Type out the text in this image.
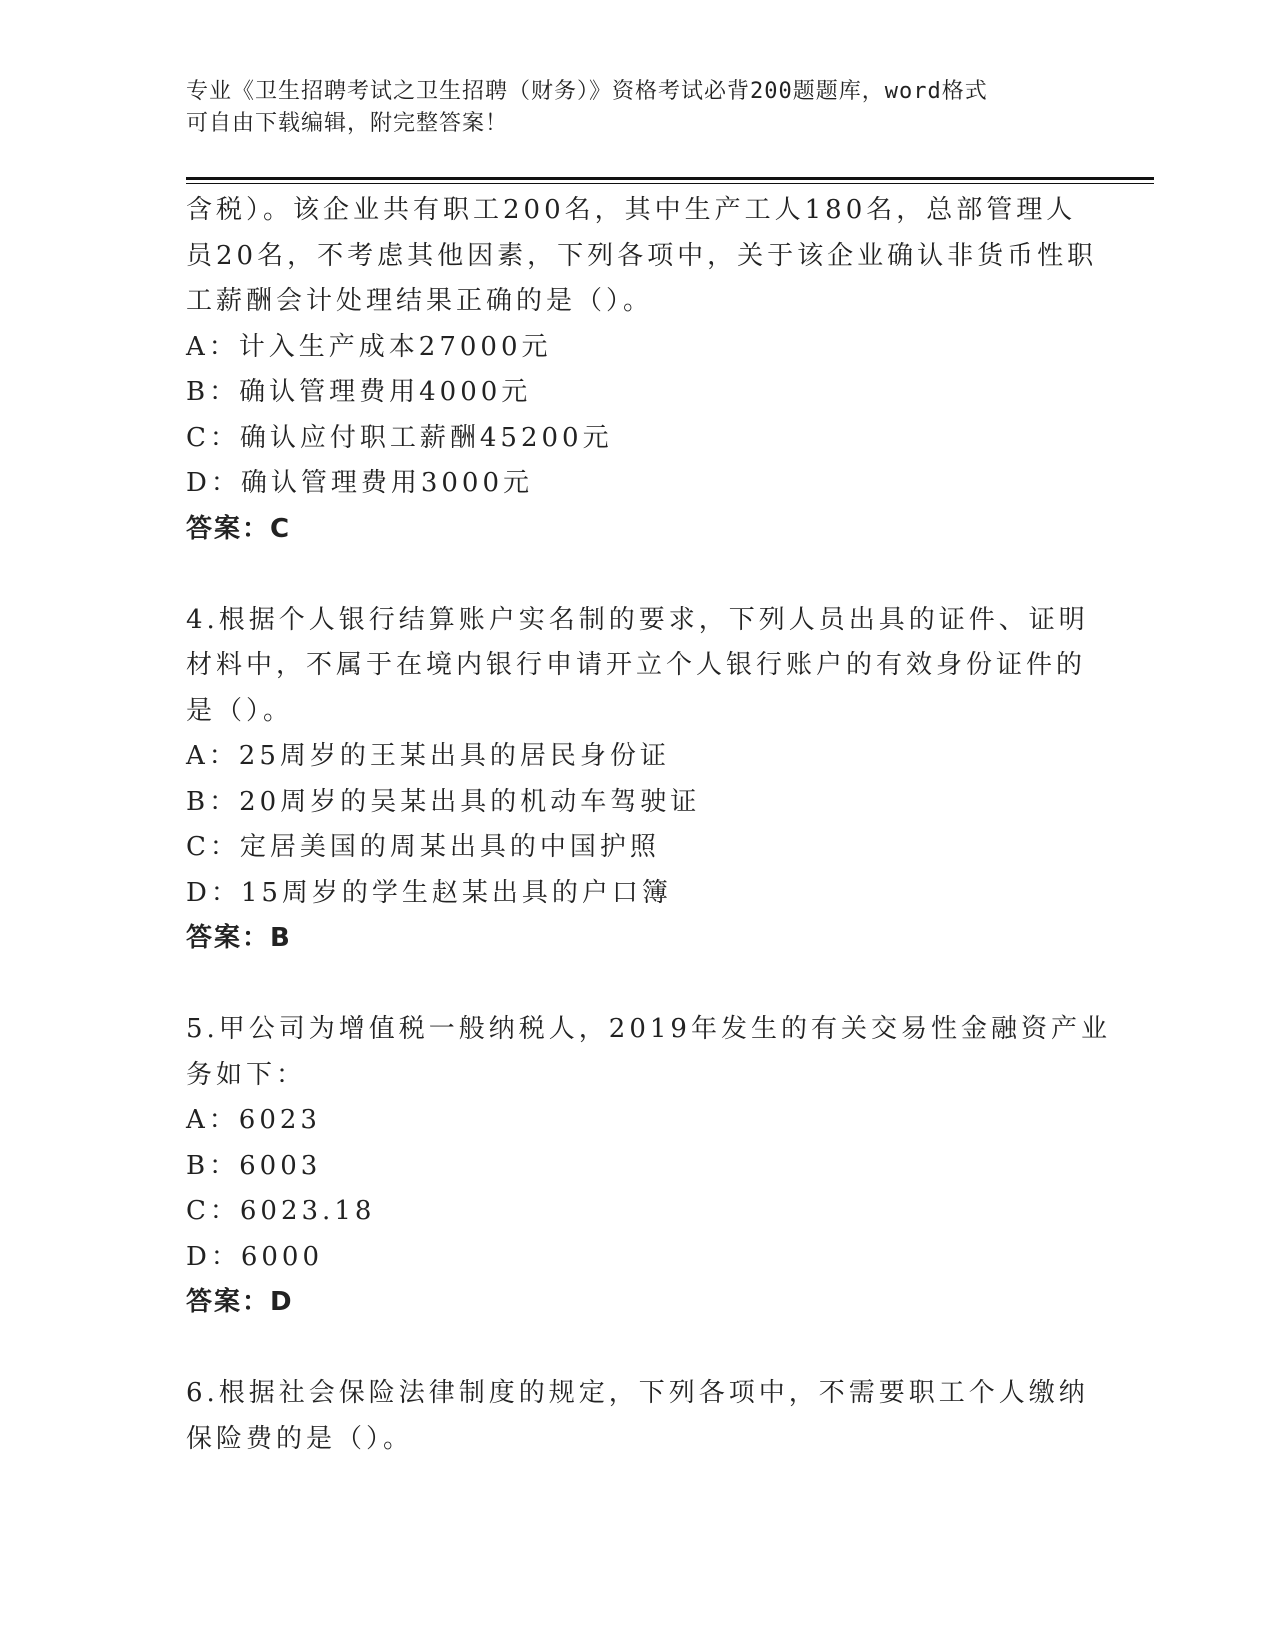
专业《卫生招聘考试之卫生招聘（财务）》资格考试必背200题题库，word格式
可自由下载编辑，附完整答案！

含税）。该企业共有职工200名，其中生产工人180名，总部管理人

员20名，不考虑其他因素，下列各项中，关于该企业确认非货币性职

工薪酬会计处理结果正确的是（）。

A：计入生产成本27000元

B：确认管理费用4000元

C：确认应付职工薪酬45200元

D：确认管理费用3000元

答案：C

4.根据个人银行结算账户实名制的要求，下列人员出具的证件、证明

材料中，不属于在境内银行申请开立个人银行账户的有效身份证件的

是（）。

A：25周岁的王某出具的居民身份证

B：20周岁的吴某出具的机动车驾驶证

C：定居美国的周某出具的中国护照

D：15周岁的学生赵某出具的户口簿

答案：B

5.甲公司为增值税一般纳税人，2019年发生的有关交易性金融资产业

务如下：

A：6023

B：6003

C：6023.18

D：6000

答案：D

6.根据社会保险法律制度的规定，下列各项中，不需要职工个人缴纳

保险费的是（）。
